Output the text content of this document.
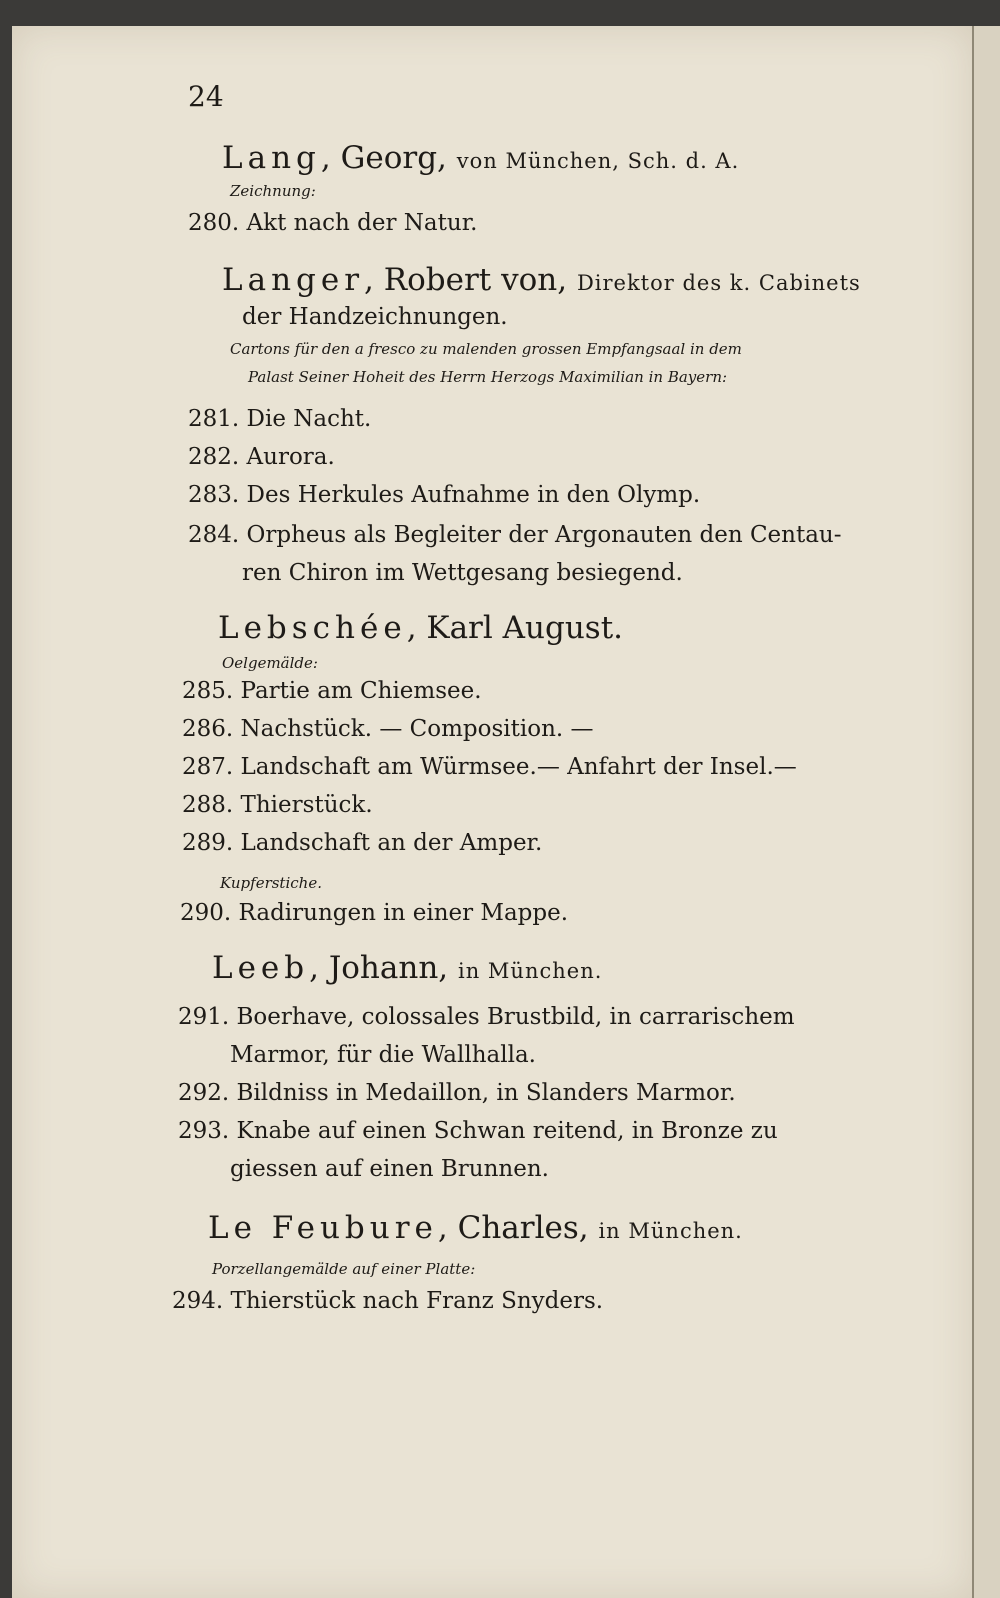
24
Lang, Georg, von München, Sch. d. A.
Zeichnung:
280. Akt nach der Natur.
Langer, Robert von, Direktor des k. Cabinets
der Handzeichnungen.
Cartons für den a fresco zu malenden grossen Empfangsaal in dem
Palast Seiner Hoheit des Herrn Herzogs Maximilian in Bayern:
281. Die Nacht.
282. Aurora.
283. Des Herkules Aufnahme in den Olymp.
284. Orpheus als Begleiter der Argonauten den Centau-
ren Chiron im Wettgesang besiegend.
Lebschée, Karl August.
Oelgemälde:
285. Partie am Chiemsee.
286. Nachstück. — Composition. —
287. Landschaft am Würmsee.— Anfahrt der Insel.—
288. Thierstück.
289. Landschaft an der Amper.
Kupferstiche.
290. Radirungen in einer Mappe.
Leeb, Johann, in München.
291. Boerhave, colossales Brustbild, in carrarischem
Marmor, für die Wallhalla.
292. Bildniss in Medaillon, in Slanders Marmor.
293. Knabe auf einen Schwan reitend, in Bronze zu
giessen auf einen Brunnen.
Le Feubure, Charles, in München.
Porzellangemälde auf einer Platte:
294. Thierstück nach Franz Snyders.
